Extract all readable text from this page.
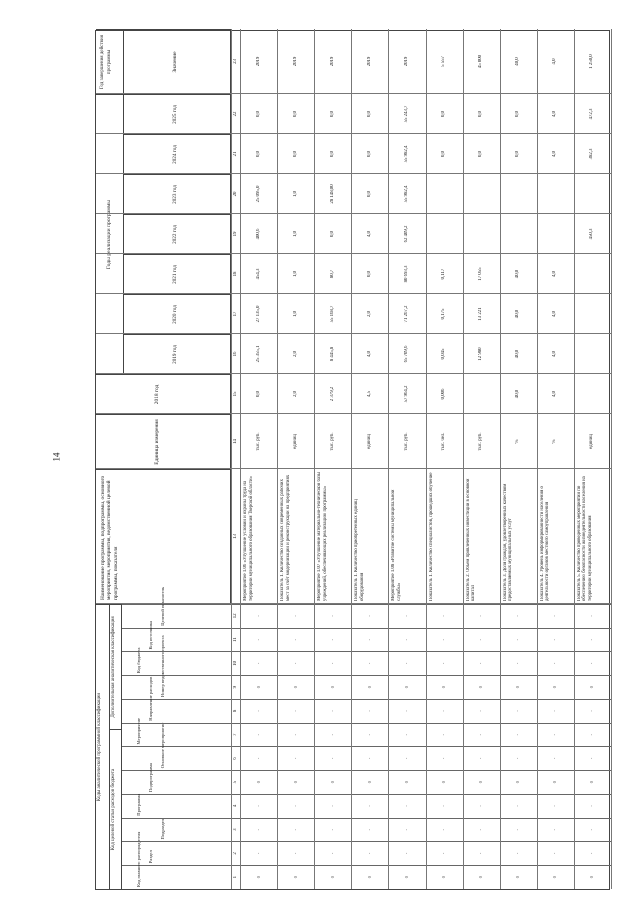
14
Коды аналитической программной классификации
Код целевой статьи расходов бюджета
Дополнительная аналитическая классификация
Наименование программы, подпрограммы, основного мероприятия, мероприятия, ведомственной целевой программы, показателя
Единица измерения
2018 год
Годы реализации программы
Год завершения действия программы	Значение
2019 год
2020 год
2021 год
2022 год
2023 год
2024 год
2025 год
Код главного распорядителя Раздел
Подраздел
Программа
Подпрограмма
Основное мероприятие
Мероприятие
Направление расходов
Номер ведомственного проекта
Код бюджета
Код источника
Целевой показатель
1
2
3
4
5
6
7
8
9
10
11
12
13
14
15
16
17
18
19
20
21
22
23
0
-
-
-
0
-
-
-
0
-
-
-
Мероприятие 1.06 «Улучшение условий и охраны труда на территории муниципального образования Тверской области»
тыс. руб.
0,0
25 355,1
27 135,0
454,3
400,6
25 095,0
0,0
0,0
2019
0
-
-
-
0
-
-
-
0
-
-
-
Показатель 1. Количество созданных современных рабочих мест за счёт модернизации и реконструкции на предприятиях
единиц
2,0
2,0
1,0
1,0
1,0
1,0
0,0
0,0
2019
0
-
-
-
0
-
-
-
0
-
-
-
Мероприятие 1.07 «Улучшение материально-технической базы учреждений, обеспечивающих реализацию программы»
тыс. руб.
2 379,2
8 445,8
55 168,7
80,7
0,0
28 148,00
0,0
0,0
2019
0
-
-
-
0
-
-
-
0
-
-
-
Показатель 1. Количество приобретённых единиц оборудования
единиц
4,5
4,0
2,0
0,0
4,0
0,0
0,0
0,0
2019
0
-
-
-
0
-
-
-
0
-
-
-
Мероприятие 1.08 «Развитие системы муниципальной службы»
тыс. руб.
57 964,2
65 709,6
71 267,2
80 693,3
62 409,2
55 982,4
55 982,4
55 243,7
2019
0
-
-
-
0
-
-
-
0
-
-
-
Показатель 1. Количество специалистов, прошедших обучение
тыс. чел.
0,006
0,045
0,175
0,117
0,0
0,0
5 557
0
-
-
-
0
-
-
-
0
-
-
-
Показатель 2. Объём привлечённых инвестиций в основной капитал
тыс. руб.
12 980
13 221
17 055
0,0
0,0
45 000
0
-
-
-
0
-
-
-
0
-
-
-
Показатель 3. Доля граждан, удовлетворённых качеством предоставляемых муниципальных услуг
%
40,0
40,0
40,0
40,0
0,0
0,0
40,0
0
-
-
-
0
-
-
-
0
-
-
-
Показатель 4. Уровень информированности населения о деятельности органов местного самоуправления
%
4,0
4,0
4,0
4,0
4,0
4,0
4,0
0
-
-
-
0
-
-
-
0
-
-
-
Показатель 5. Количество проведённых мероприятий по обеспечению безопасности жизнедеятельности населения на территории муниципального образования
единиц
450,3
382,3
472,3
1 250,0
